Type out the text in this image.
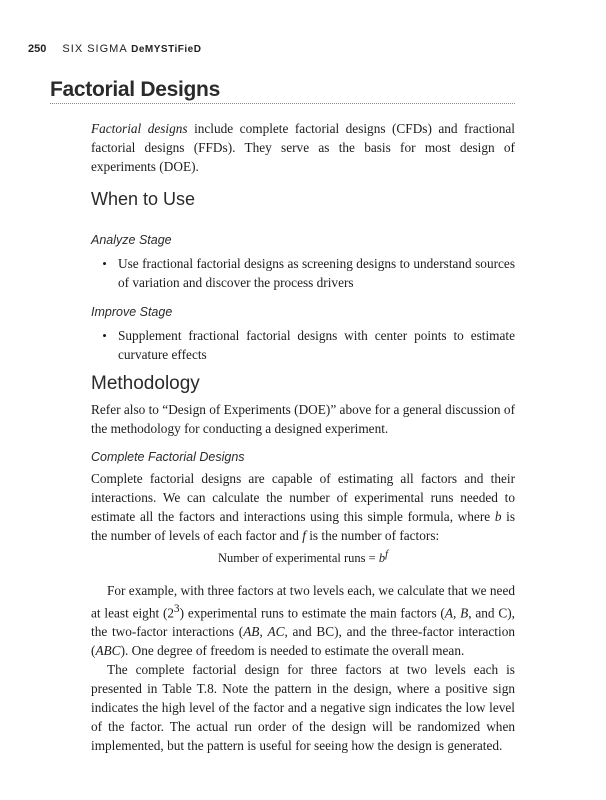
250 SIX SIGMA DeMYSTiFieD
Factorial Designs

Factorial designs include complete factorial designs (CFDs) and fractional factorial designs (FFDs). They serve as the basis for most design of experiments (DOE).

When to Use
Analyze Stage
• Use fractional factorial designs as screening designs to understand sources of variation and discover the process drivers

Improve Stage
• Supplement fractional factorial designs with center points to estimate curvature effects

Methodology

Refer also to “Design of Experiments (DOE)” above for a general discussion of the methodology for conducting a designed experiment.

Complete Factorial Designs

Complete factorial designs are capable of estimating all factors and their interactions. We can calculate the number of experimental runs needed to estimate all the factors and interactions using this simple formula, where b is the number of levels of each factor and f is the number of factors:

Number of experimental runs = $b^f$

For example, with three factors at two levels each, we calculate that we need at least eight $(2^3)$ experimental runs to estimate the main factors (A, B, and C), the two-factor interactions (AB, AC, and BC), and the three-factor interaction (ABC). One degree of freedom is needed to estimate the overall mean.

The complete factorial design for three factors at two levels each is presented in Table T.8. Note the pattern in the design, where a positive sign indicates the high level of the factor and a negative sign indicates the low level of the factor. The actual run order of the design will be randomized when implemented, but the pattern is useful for seeing how the design is generated.
